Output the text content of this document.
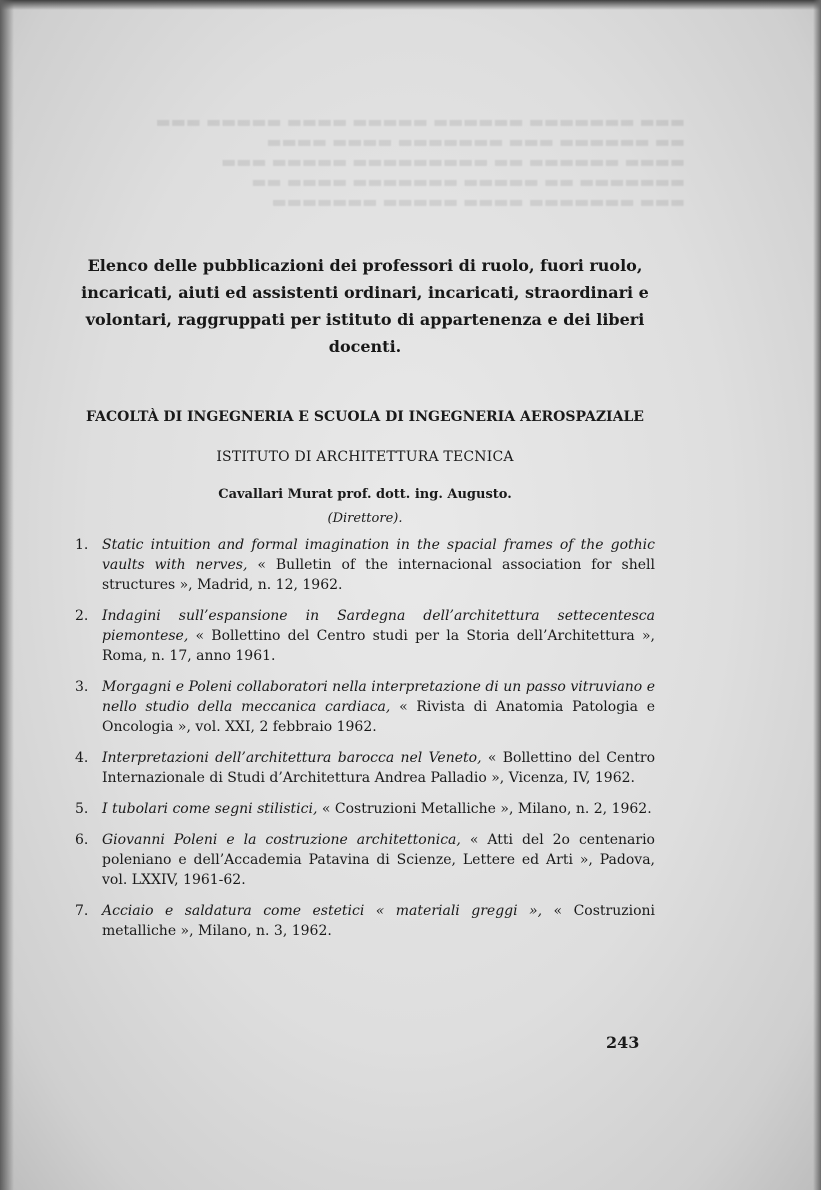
▬▬▬ ▬▬▬▬▬▬▬ ▬▬▬▬▬▬ ▬▬▬▬▬ ▬▬▬▬ ▬▬▬▬▬ ▬▬▬
▬▬ ▬▬▬▬▬▬ ▬▬▬ ▬▬▬▬▬▬▬ ▬▬▬▬ ▬▬▬▬
▬▬▬▬ ▬▬▬▬▬▬ ▬▬ ▬▬▬▬▬▬▬▬▬ ▬▬▬▬▬ ▬▬▬
▬▬▬▬▬▬▬ ▬▬ ▬▬▬▬▬ ▬▬▬▬▬▬▬ ▬▬▬▬ ▬▬
▬▬▬ ▬▬▬▬▬▬▬ ▬▬▬▬ ▬▬▬▬▬ ▬▬▬▬▬▬▬

Elenco delle pubblicazioni dei professori di ruolo, fuori ruolo, incaricati, aiuti ed assistenti ordinari, incaricati, straordinari e volontari, raggruppati per istituto di appartenenza e dei liberi docenti.

FACOLTÀ DI INGEGNERIA E SCUOLA DI INGEGNERIA AEROSPAZIALE

ISTITUTO DI ARCHITETTURA TECNICA

Cavallari Murat prof. dott. ing. Augusto.

(Direttore).

1. Static intuition and formal imagination in the spacial frames of the gothic vaults with nerves, « Bulletin of the internacional association for shell structures », Madrid, n. 12, 1962.
2. Indagini sull’espansione in Sardegna dell’architettura settecentesca piemontese, « Bollettino del Centro studi per la Storia dell’Architettura », Roma, n. 17, anno 1961.
3. Morgagni e Poleni collaboratori nella interpretazione di un passo vitruviano e nello studio della meccanica cardiaca, « Rivista di Anatomia Patologia e Oncologia », vol. XXI, 2 febbraio 1962.
4. Interpretazioni dell’architettura barocca nel Veneto, « Bollettino del Centro Internazionale di Studi d’Architettura Andrea Palladio », Vicenza, IV, 1962.
5. I tubolari come segni stilistici, « Costruzioni Metalliche », Milano, n. 2, 1962.
6. Giovanni Poleni e la costruzione architettonica, « Atti del 2o centenario poleniano e dell’Accademia Patavina di Scienze, Lettere ed Arti », Padova, vol. LXXIV, 1961-62.
7. Acciaio e saldatura come estetici « materiali greggi », « Costruzioni metalliche », Milano, n. 3, 1962.
243
